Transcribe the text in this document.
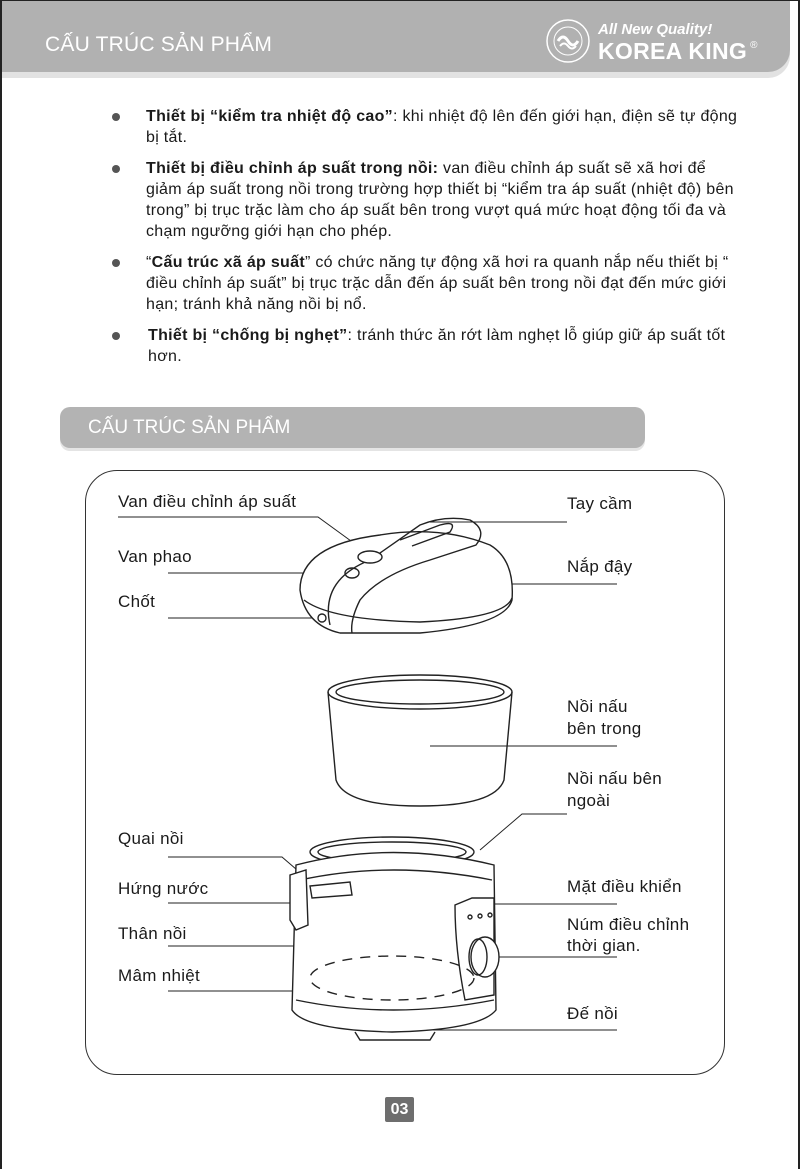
CẤU TRÚC SẢN PHẨM
All New Quality!
KOREA KING ®
Thiết bị “kiểm tra nhiệt độ cao”: khi nhiệt độ lên đến giới hạn, điện sẽ tự động bị tắt.
Thiết bị điều chỉnh áp suất trong nồi: van điều chỉnh áp suất sẽ xã hơi để giảm áp suất trong nồi trong trường hợp thiết bị “kiểm tra áp suất (nhiệt độ) bên trong” bị trục trặc làm cho áp suất bên trong vượt quá mức hoạt động tối đa và chạm ngưỡng giới hạn cho phép.
“Cấu trúc xã áp suất” có chức năng tự động xã hơi ra quanh nắp nếu thiết bị “ điều chỉnh áp suất” bị trục trặc dẫn đến áp suất bên trong nồi đạt đến mức giới hạn; tránh khả năng nồi bị nổ.
Thiết bị “chống bị nghẹt”: tránh thức ăn rớt làm nghẹt lỗ giúp giữ áp suất tốt hơn.
CẤU TRÚC SẢN PHẨM
Van điều chỉnh áp suất
Van phao
Chốt
Quai nồi
Hứng nước
Thân nồi
Mâm nhiệt
Tay cầm
Nắp đậy
Nồi nấu
bên trong
Nồi nấu bên
ngoài
Mặt điều khiển
Núm điều chỉnh
thời gian.
Đế nồi
03
